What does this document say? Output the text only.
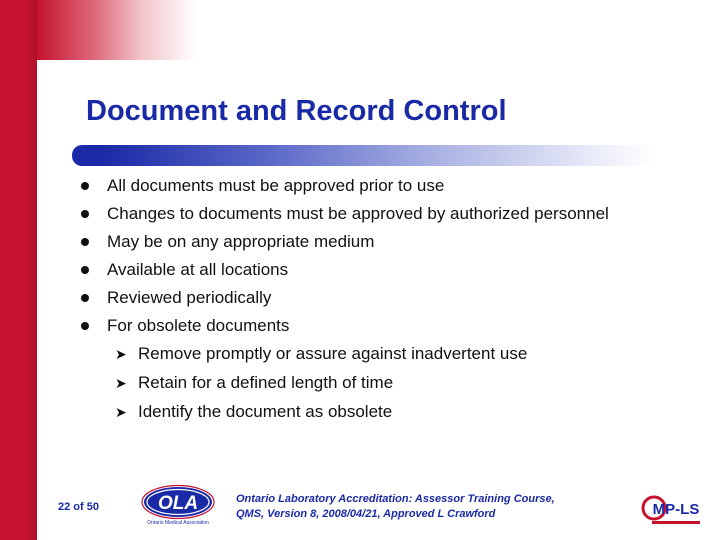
Document and Record Control
All documents must be approved prior to use
Changes to documents must be approved by authorized personnel
May be on any appropriate medium
Available at all locations
Reviewed periodically
For obsolete documents
➤ Remove promptly or assure against inadvertent use
➤ Retain for a defined length of time
➤ Identify the document as obsolete
22 of 50	OLA
Ontario Medical Association
Ontario Laboratory Accreditation: Assessor Training Course,
QMS, Version 8, 2008/04/21, Approved L Crawford	MP-LS
